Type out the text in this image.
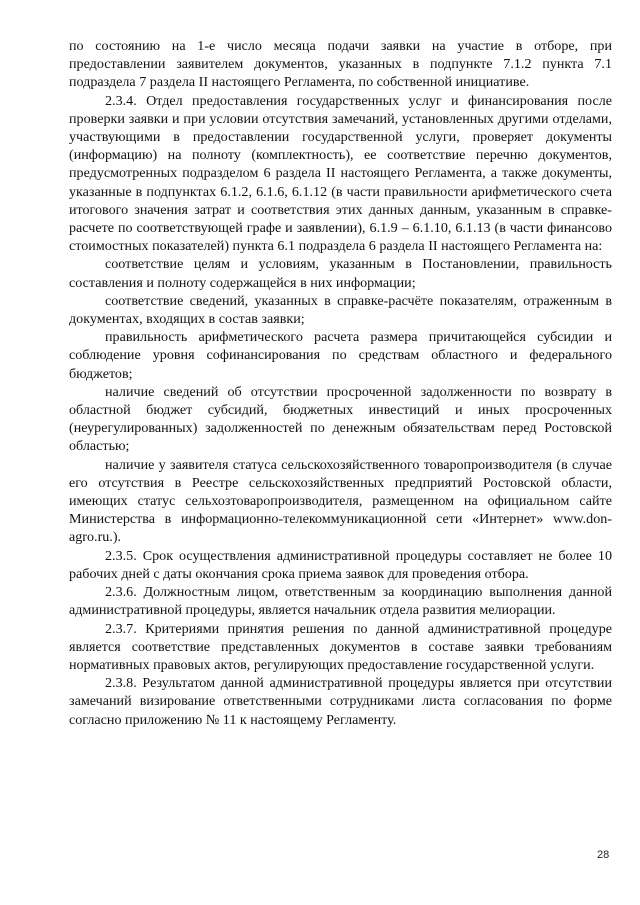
по состоянию на 1-е число месяца подачи заявки на участие в отборе, при предоставлении заявителем документов, указанных в подпункте 7.1.2 пункта 7.1 подраздела 7 раздела II настоящего Регламента, по собственной инициативе.

2.3.4. Отдел предоставления государственных услуг и финансирования после проверки заявки и при условии отсутствия замечаний, установленных другими отделами, участвующими в предоставлении государственной услуги, проверяет документы (информацию) на полноту (комплектность), ее соответствие перечню документов, предусмотренных подразделом 6 раздела II настоящего Регламента, а также документы, указанные в подпунктах 6.1.2, 6.1.6, 6.1.12 (в части правильности арифметического счета итогового значения затрат и соответствия этих данных данным, указанным в справке-расчете по соответствующей графе и заявлении), 6.1.9 – 6.1.10, 6.1.13 (в части финансово стоимостных показателей) пункта 6.1 подраздела 6 раздела II настоящего Регламента на:

соответствие целям и условиям, указанным в Постановлении, правильность составления и полноту содержащейся в них информации;

соответствие сведений, указанных в справке-расчёте показателям, отраженным в документах, входящих в состав заявки;

правильность арифметического расчета размера причитающейся субсидии и соблюдение уровня софинансирования по средствам областного и федерального бюджетов;

наличие сведений об отсутствии просроченной задолженности по возврату в областной бюджет субсидий, бюджетных инвестиций и иных просроченных (неурегулированных) задолженностей по денежным обязательствам перед Ростовской областью;

наличие у заявителя статуса сельскохозяйственного товаропроизводителя (в случае его отсутствия в Реестре сельскохозяйственных предприятий Ростовской области, имеющих статус сельхозтоваропроизводителя, размещенном на официальном сайте Министерства в информационно-телекоммуникационной сети «Интернет» www.don-agro.ru.).

2.3.5. Срок осуществления административной процедуры составляет не более 10 рабочих дней с даты окончания срока приема заявок для проведения отбора.

2.3.6. Должностным лицом, ответственным за координацию выполнения данной административной процедуры, является начальник отдела развития мелиорации.

2.3.7. Критериями принятия решения по данной административной процедуре является соответствие представленных документов в составе заявки требованиям нормативных правовых актов, регулирующих предоставление государственной услуги.

2.3.8. Результатом данной административной процедуры является при отсутствии замечаний визирование ответственными сотрудниками листа согласования по форме согласно приложению № 11 к настоящему Регламенту.

28
